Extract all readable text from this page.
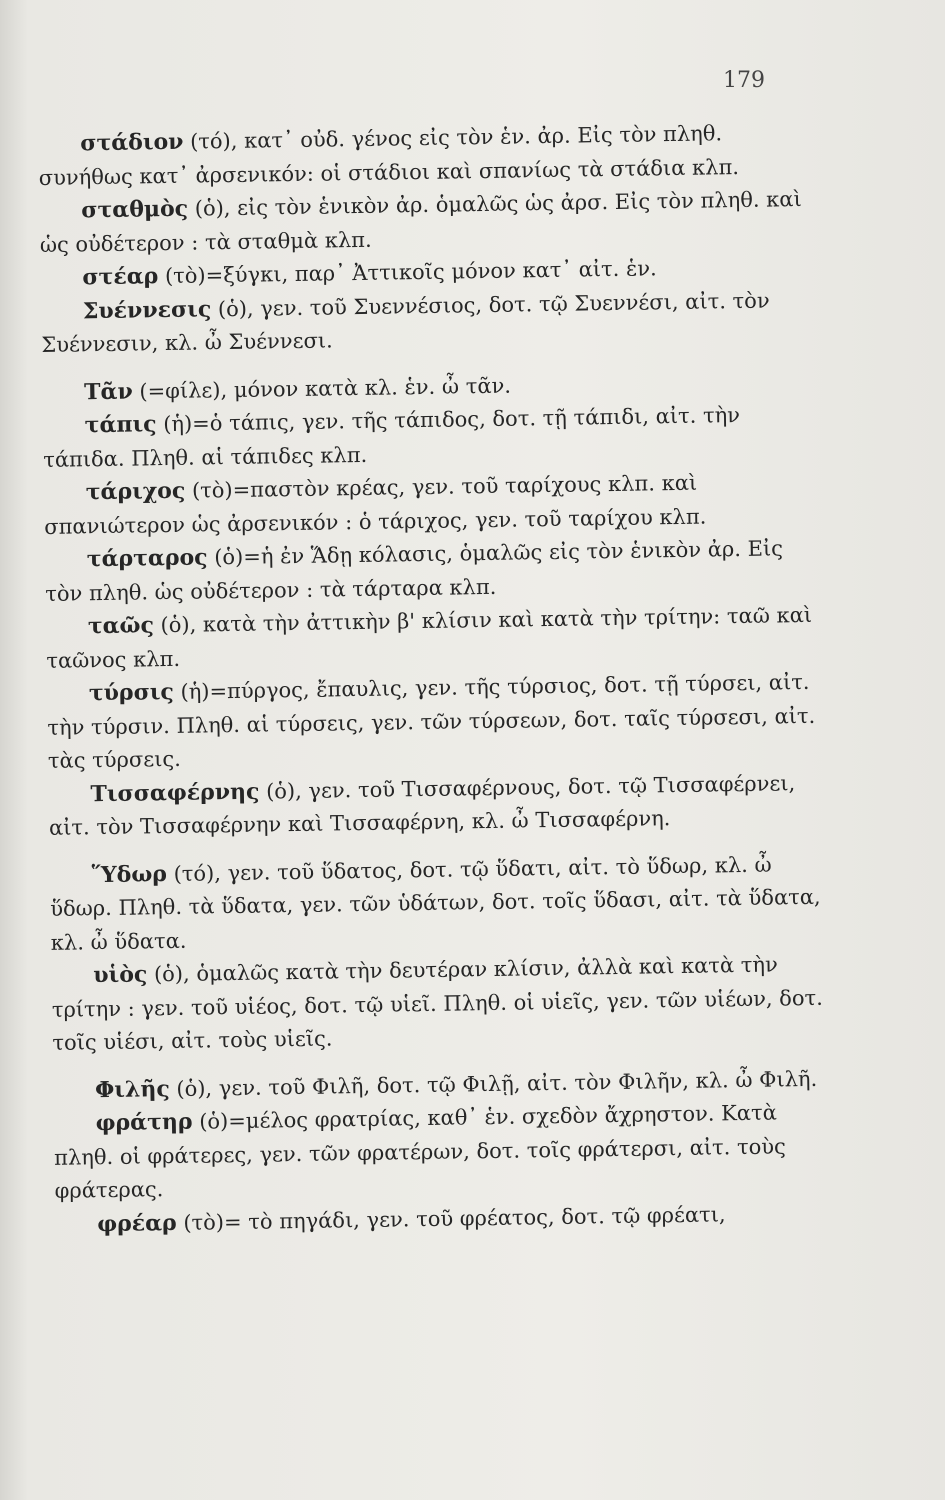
179

στάδιον (τό), κατ᾽ οὐδ. γένος εἰς τὸν ἑν. ἀρ. Εἰς τὸν πληθ. συνήθως κατ᾽ ἀρσενικόν: οἱ στάδιοι καὶ σπανίως τὰ στάδια κλπ.

σταθμὸς (ὁ), εἰς τὸν ἑνικὸν ἀρ. ὁμαλῶς ὡς ἀρσ. Εἰς τὸν πληθ. καὶ ὡς οὐδέτερον : τὰ σταθμὰ κλπ.

στέαρ (τὸ)=ξύγκι, παρ᾽ Ἀττικοῖς μόνον κατ᾽ αἰτ. ἑν.

Συέννεσις (ὁ), γεν. τοῦ Συεννέσιος, δοτ. τῷ Συεννέσι, αἰτ. τὸν Συέννεσιν, κλ. ὦ Συέννεσι.

Τᾶν (=φίλε), μόνον κατὰ κλ. ἑν. ὦ τᾶν.

τάπις (ἡ)=ὁ τάπις, γεν. τῆς τάπιδος, δοτ. τῇ τάπιδι, αἰτ. τὴν τάπιδα. Πληθ. αἱ τάπιδες κλπ.

τάριχος (τὸ)=παστὸν κρέας, γεν. τοῦ ταρίχους κλπ. καὶ σπανιώτερον ὡς ἀρσενικόν : ὁ τάριχος, γεν. τοῦ ταρίχου κλπ.

τάρταρος (ὁ)=ἡ ἐν Ἅδῃ κόλασις, ὁμαλῶς εἰς τὸν ἑνικὸν ἀρ. Εἰς τὸν πληθ. ὡς οὐδέτερον : τὰ τάρταρα κλπ.

ταῶς (ὁ), κατὰ τὴν ἀττικὴν β' κλίσιν καὶ κατὰ τὴν τρίτην: ταῶ καὶ ταῶνος κλπ.

τύρσις (ἡ)=πύργος, ἔπαυλις, γεν. τῆς τύρσιος, δοτ. τῇ τύρσει, αἰτ. τὴν τύρσιν. Πληθ. αἱ τύρσεις, γεν. τῶν τύρσεων, δοτ. ταῖς τύρσεσι, αἰτ. τὰς τύρσεις.

Τισσαφέρνης (ὁ), γεν. τοῦ Τισσαφέρνους, δοτ. τῷ Τισσαφέρνει, αἰτ. τὸν Τισσαφέρνην καὶ Τισσαφέρνη, κλ. ὦ Τισσαφέρνη.

Ὕδωρ (τό), γεν. τοῦ ὕδατος, δοτ. τῷ ὕδατι, αἰτ. τὸ ὕδωρ, κλ. ὦ ὕδωρ. Πληθ. τὰ ὕδατα, γεν. τῶν ὑδάτων, δοτ. τοῖς ὕδασι, αἰτ. τὰ ὕδατα, κλ. ὦ ὕδατα.

υἱὸς (ὁ), ὁμαλῶς κατὰ τὴν δευτέραν κλίσιν, ἀλλὰ καὶ κατὰ τὴν τρίτην : γεν. τοῦ υἱέος, δοτ. τῷ υἱεῖ. Πληθ. οἱ υἱεῖς, γεν. τῶν υἱέων, δοτ. τοῖς υἱέσι, αἰτ. τοὺς υἱεῖς.

Φιλῆς (ὁ), γεν. τοῦ Φιλῆ, δοτ. τῷ Φιλῇ, αἰτ. τὸν Φιλῆν, κλ. ὦ Φιλῆ.

φράτηρ (ὁ)=μέλος φρατρίας, καθ᾽ ἑν. σχεδὸν ἄχρηστον. Κατὰ πληθ. οἱ φράτερες, γεν. τῶν φρατέρων, δοτ. τοῖς φράτερσι, αἰτ. τοὺς φράτερας.

φρέαρ (τὸ)= τὸ πηγάδι, γεν. τοῦ φρέατος, δοτ. τῷ φρέατι,
